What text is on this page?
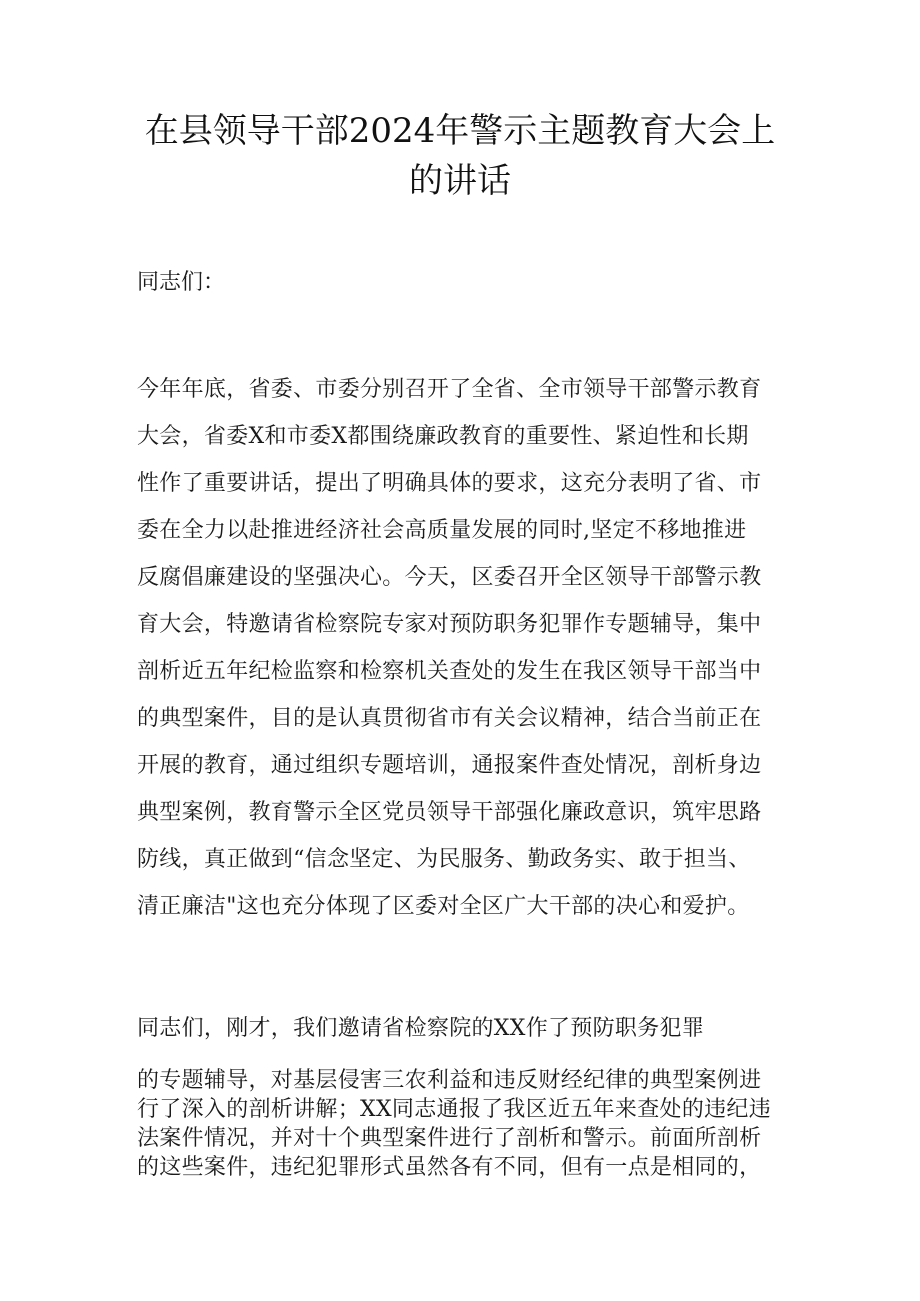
在县领导干部2024年警示主题教育大会上
的讲话

同志们：

今年年底，省委、市委分别召开了全省、全市领导干部警示教育
大会，省委X和市委X都围绕廉政教育的重要性、紧迫性和长期
性作了重要讲话，提出了明确具体的要求，这充分表明了省、市
委在全力以赴推进经济社会高质量发展的同时,坚定不移地推进
反腐倡廉建设的坚强决心。今天，区委召开全区领导干部警示教
育大会，特邀请省检察院专家对预防职务犯罪作专题辅导，集中
剖析近五年纪检监察和检察机关查处的发生在我区领导干部当中
的典型案件，目的是认真贯彻省市有关会议精神，结合当前正在
开展的教育，通过组织专题培训，通报案件查处情况，剖析身边
典型案例，教育警示全区党员领导干部强化廉政意识，筑牢思路
防线，真正做到“信念坚定、为民服务、勤政务实、敢于担当、
清正廉洁"这也充分体现了区委对全区广大干部的决心和爱护。
同志们，刚才，我们邀请省检察院的XX作了预防职务犯罪
的专题辅导，对基层侵害三农利益和违反财经纪律的典型案例进
行了深入的剖析讲解；XX同志通报了我区近五年来查处的违纪违
法案件情况，并对十个典型案件进行了剖析和警示。前面所剖析
的这些案件，违纪犯罪形式虽然各有不同，但有一点是相同的，
